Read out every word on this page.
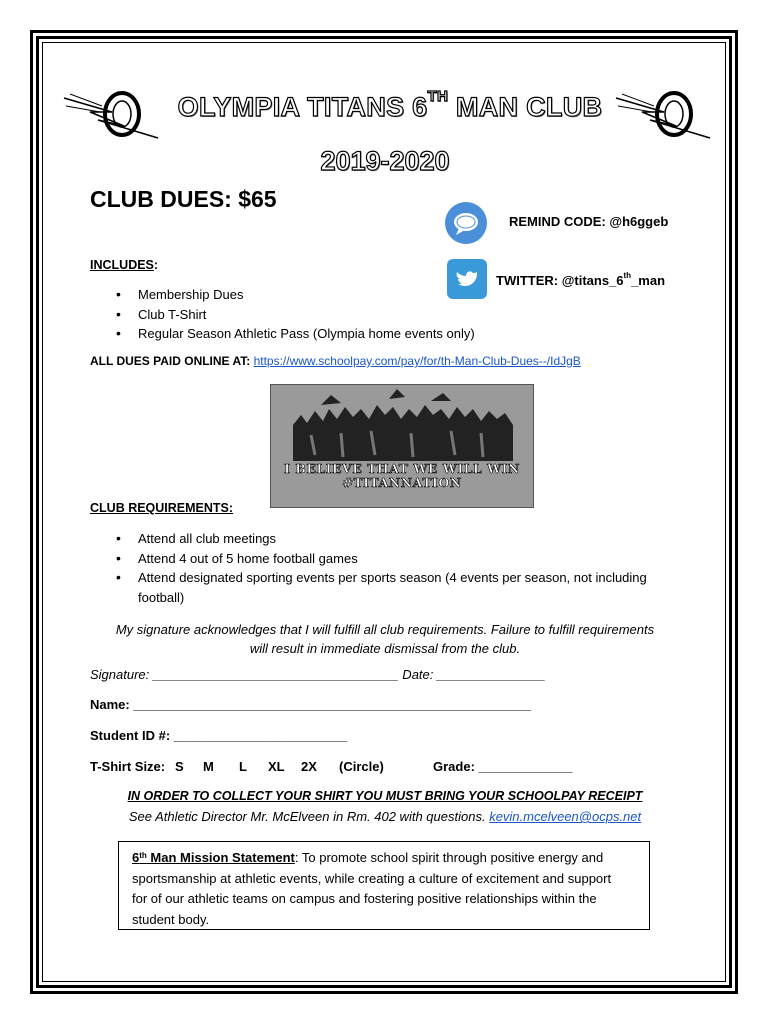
OLYMPIA TITANS 6TH MAN CLUB
2019-2020
CLUB DUES: $65
REMIND CODE: @h6ggeb
TWITTER: @titans_6th_man
INCLUDES:
• Membership Dues
• Club T-Shirt
• Regular Season Athletic Pass (Olympia home events only)
ALL DUES PAID ONLINE AT: https://www.schoolpay.com/pay/for/th-Man-Club-Dues--/IdJgB
I BELIEVE THAT WE WILL WIN
#TITANNATION
CLUB REQUIREMENTS:
• Attend all club meetings
• Attend 4 out of 5 home football games
• Attend designated sporting events per sports season (4 events per season, not including
football)
My signature acknowledges that I will fulfill all club requirements. Failure to fulfill requirements
will result in immediate dismissal from the club.
Signature: __________________________________ Date: _______________
Name: _______________________________________________________
Student ID #: ________________________
T-Shirt Size: S M L XL 2X (Circle)	Grade: _____________
IN ORDER TO COLLECT YOUR SHIRT YOU MUST BRING YOUR SCHOOLPAY RECEIPT
See Athletic Director Mr. McElveen in Rm. 402 with questions. kevin.mcelveen@ocps.net
6th Man Mission Statement: To promote school spirit through positive energy and
sportsmanship at athletic events, while creating a culture of excitement and support
for of our athletic teams on campus and fostering positive relationships within the
student body.
